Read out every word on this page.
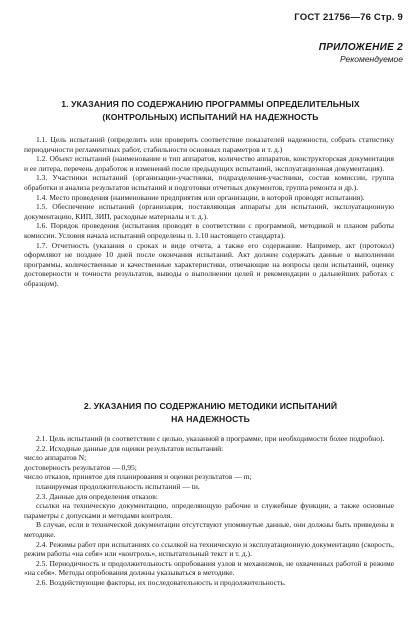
ГОСТ 21756—76 Стр. 9
ПРИЛОЖЕНИЕ 2
Рекомендуемое
1. УКАЗАНИЯ ПО СОДЕРЖАНИЮ ПРОГРАММЫ ОПРЕДЕЛИТЕЛЬНЫХ
(КОНТРОЛЬНЫХ) ИСПЫТАНИЙ НА НАДЕЖНОСТЬ

1.1. Цель испытаний (определить или проверить соответствие показателей надежности, собрать статистику периодичности регламентных работ, стабильности основных параметров и т. д.)

1.2. Объект испытаний (наименование и тип аппаратов, количество аппаратов, конструкторская документация и ее литера, перечень доработок и изменений после предыдущих испытаний, эксплуатационная документация).

1.3. Участники испытаний (организации-участники, подразделения-участники, состав комиссии, группа обработки и анализа результатов испытаний и подготовки отчетных документов, группа ремонта и др.).

1.4. Место проведения (наименование предприятия или организации, в которой проводят испытания).

1.5. Обеспечение испытаний (организация, поставляющая аппараты для испытаний, эксплуатационную документацию, КИП, ЗИП, расходные материалы и т. д.).

1.6. Порядок проведения (испытания проводят в соответствии с программой, методикой и планом работы комиссии. Условия начала испытаний определены п. 1.10 настоящего стандарта).

1.7. Отчетность (указания о сроках и виде отчета, а также его содержание. Например, акт (протокол) оформляют не позднее 10 дней после окончания испытаний. Акт должен содержать данные о выполнении программы, количественные и качественные характеристики, отвечающие на вопросы цели испытаний, оценку достоверности и точности результатов, выводы о выполнении целей и рекомендации о дальнейших работах с образцом).

2. УКАЗАНИЯ ПО СОДЕРЖАНИЮ МЕТОДИКИ ИСПЫТАНИЙ
НА НАДЕЖНОСТЬ

2.1. Цель испытаний (в соответствии с целью, указанной в программе, при необходимости более подробно).

2.2. Исходные данные для оценки результатов испытаний:

число аппаратов N;

достоверность результатов — 0,95;

число отказов, принятое для планирования и оценки результатов — m;

планируемая продолжительность испытаний — tи.

2.3. Данные для определения отказов:

ссылки на техническую документацию, определяющую рабочие и служебные функции, а также основные параметры с допусками и методами контроля.

В случае, если в технической документации отсутствуют упомянутые данные, они должны быть приведены в методике.

2.4. Режимы работ при испытаниях со ссылкой на техническую и эксплуатационную документацию (скорость, режим работы «на себя» или «контроль», испытательный текст и т. д.).

2.5. Периодичность и продолжительность опробования узлов и механизмов, не охваченных работой в режиме «на себя». Методы опробования должны указываться в методике.

2.6. Воздействующие факторы, их последовательность и продолжительность.
